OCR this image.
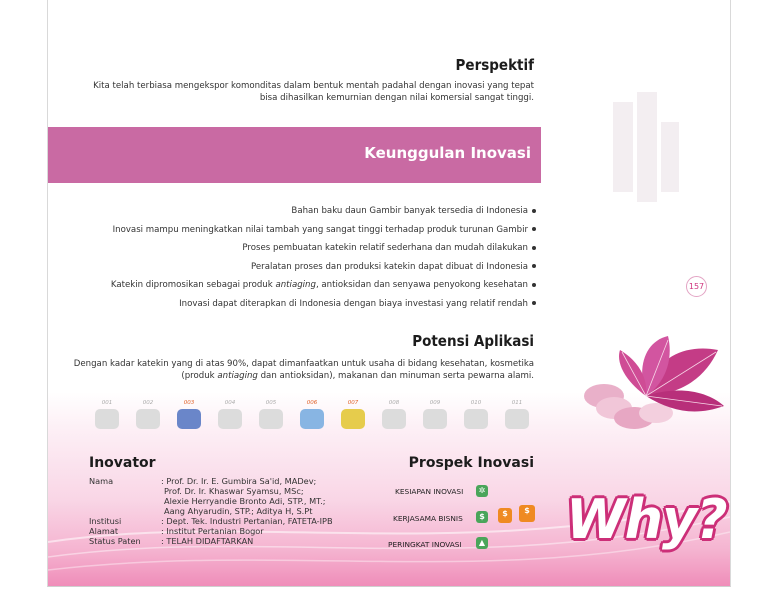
Perspektif
Kita telah terbiasa mengekspor komonditas dalam bentuk mentah padahal dengan inovasi yang tepat
bisa dihasilkan kemurnian dengan nilai komersial sangat tinggi.
Keunggulan Inovasi
Bahan baku daun Gambir banyak tersedia di Indonesia
Inovasi mampu meningkatkan nilai tambah yang sangat tinggi terhadap produk turunan Gambir
Proses pembuatan katekin relatif sederhana dan mudah dilakukan
Peralatan proses dan produksi katekin dapat dibuat di Indonesia
Katekin dipromosikan sebagai produk antiaging, antioksidan dan senyawa penyokong kesehatan
Inovasi dapat diterapkan di Indonesia dengan biaya investasi yang relatif rendah
157
Potensi Aplikasi
Dengan kadar katekin yang di atas 90%, dapat dimanfaatkan untuk usaha di bidang kesehatan, kosmetika
(produk antiaging dan antioksidan), makanan dan minuman serta pewarna alami.
001	002	003	004	005	006	007	008	009	010	011
Inovator	Prospek Inovasi
Nama	: Prof. Dr. Ir. E. Gumbira Sa'id, MADev;
Prof. Dr. Ir. Khaswar Syamsu, MSc;
Alexie Herryandie Bronto Adi, STP., MT.;
Aang Ahyarudin, STP.; Aditya H, S.Pt
Institusi	: Dept. Tek. Industri Pertanian, FATETA-IPB
Alamat	: Institut Pertanian Bogor
Status Paten : TELAH DIDAFTARKAN
KESIAPAN INOVASI	✲
KERJASAMA BISNIS	$	$	$
PERINGKAT INOVASI	▲ Why?
